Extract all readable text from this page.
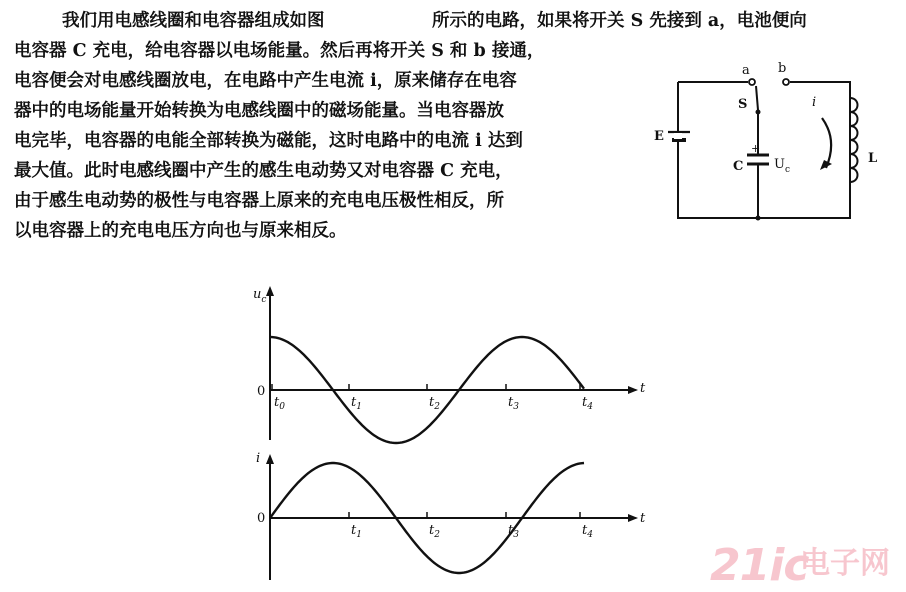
我们用电感线圈和电容器组成如图	所示的电路，如果将开关 S 先接到 a，电池便向
电容器 C 充电，给电容器以电场能量。然后再将开关 S 和 b 接通，
电容便会对电感线圈放电，在电路中产生电流 i，原来储存在电容
器中的电场能量开始转换为电感线圈中的磁场能量。当电容器放
电完毕，电容器的电能全部转换为磁能，这时电路中的电流 i 达到
最大值。此时电感线圈中产生的感生电动势又对电容器 C 充电，
由于感生电动势的极性与电容器上原来的充电电压极性相反，所
以电容器上的充电电压方向也与原来相反。
a b
S
E
C
+
$U_c$
i
L
$u_c$
0	t
$t_0$	$t_1$	$t_2$	$t_3$	$t_4$
i
0	t
$t_1$	$t_2$	$t_3$	$t_4$
21ic
电子网
